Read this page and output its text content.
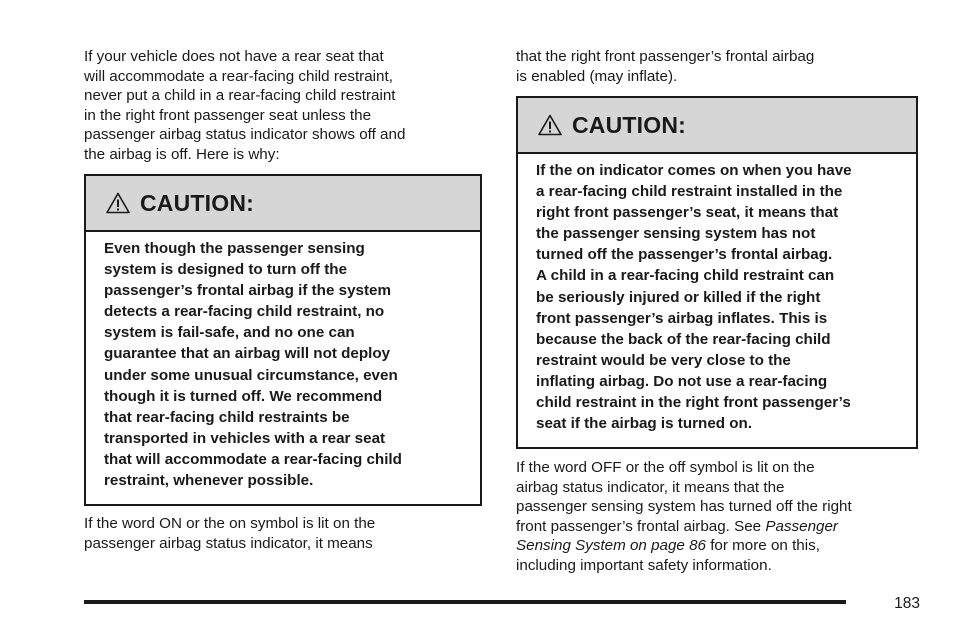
If your vehicle does not have a rear seat that
will accommodate a rear-facing child restraint,
never put a child in a rear-facing child restraint
in the right front passenger seat unless the
passenger airbag status indicator shows off and
the airbag is off. Here is why:

CAUTION:
Even though the passenger sensing
system is designed to turn off the
passenger’s frontal airbag if the system
detects a rear-facing child restraint, no
system is fail-safe, and no one can
guarantee that an airbag will not deploy
under some unusual circumstance, even
though it is turned off. We recommend
that rear-facing child restraints be
transported in vehicles with a rear seat
that will accommodate a rear-facing child
restraint, whenever possible.

If the word ON or the on symbol is lit on the
passenger airbag status indicator, it means

that the right front passenger’s frontal airbag
is enabled (may inflate).

CAUTION:
If the on indicator comes on when you have
a rear-facing child restraint installed in the
right front passenger’s seat, it means that
the passenger sensing system has not
turned off the passenger’s frontal airbag.
A child in a rear-facing child restraint can
be seriously injured or killed if the right
front passenger’s airbag inflates. This is
because the back of the rear-facing child
restraint would be very close to the
inflating airbag. Do not use a rear-facing
child restraint in the right front passenger’s
seat if the airbag is turned on.

If the word OFF or the off symbol is lit on the
airbag status indicator, it means that the
passenger sensing system has turned off the right
front passenger’s frontal airbag. See Passenger
Sensing System on page 86 for more on this,
including important safety information.

183
